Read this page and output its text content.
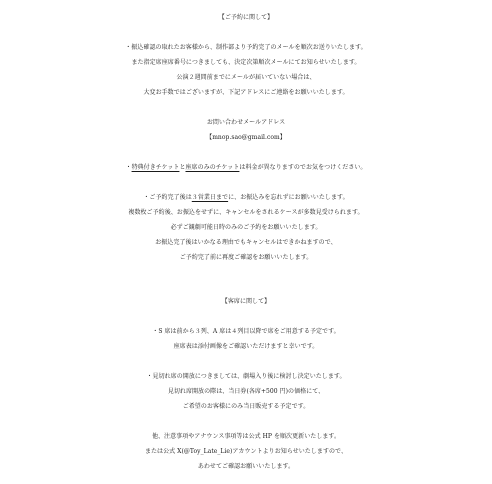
【ご予約に関して】
・振込確認の取れたお客様から、制作部より予約完了のメールを順次お送りいたします。
また指定席座席番号につきましても、決定次第順次メールにてお知らせいたします。
公演２週間前までにメールが届いていない場合は、
大変お手数ではございますが、下記アドレスにご連絡をお願いいたします。
お問い合わせメールアドレス
【mnop.sao@gmail.com】
・特典付きチケットと座席のみのチケットは料金が異なりますのでお気をつけください。
・ご予約完了後は３営業日までに、お振込みを忘れずにお願いいたします。
複数枚ご予約後、お振込をせずに、キャンセルをされるケースが多数見受けられます。
必ずご観劇可能日時のみのご予約をお願いいたします。
お振込完了後はいかなる理由でもキャンセルはできかねますので、
ご予約完了前に再度ご確認をお願いいたします。
【客席に関して】
・S 席は前から３列、A 席は４列目以降で席をご用意する予定です。
座席表は添付画像をご確認いただけますと幸いです。
・見切れ席の開放につきましては、劇場入り後に検討し決定いたします。
見切れ席開放の際は、当日券(各席+500 円)の価格にて、
ご希望のお客様にのみ当日販売する予定です。
他、注意事項やアナウンス事項等は公式 HP を順次更新いたします。
または公式 X(@Toy_Late_Lie)アカウントよりお知らせいたしますので、
あわせてご確認お願いいたします。
